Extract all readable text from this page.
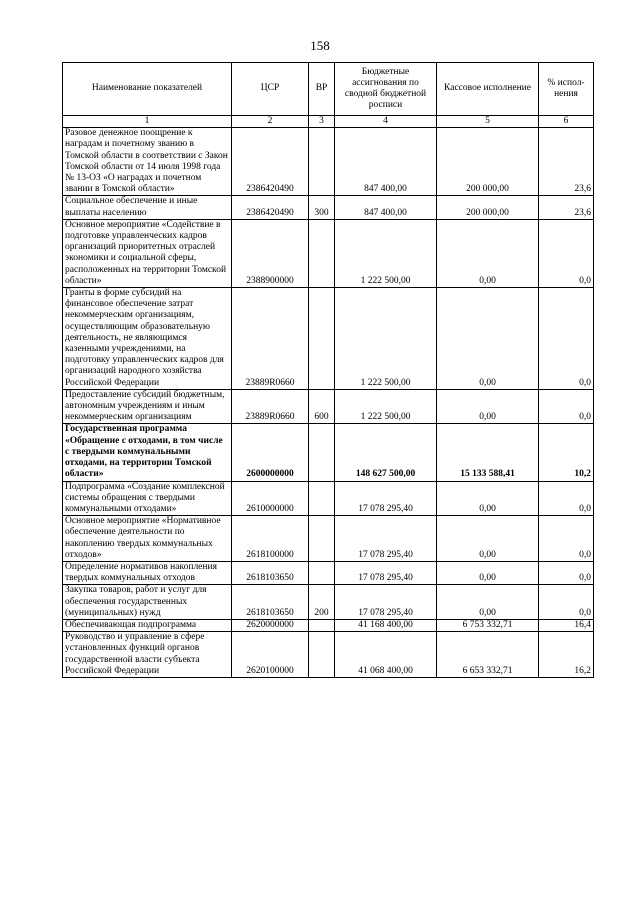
158
Наименование показателей	ЦСР	ВР	Бюджетные ассигнования по сводной бюджетной росписи	Кассовое исполнение	% испол-нения
1	2	3	4	5	6
Разовое денежное поощрение к наградам и почетному званию в Томской области в соответствии с Закон Томской области от 14 июля 1998 года № 13-ОЗ «О наградах и почетном звании в Томской области»	2386420490		847 400,00	200 000,00	23,6
Социальное обеспечение и иные выплаты населению	2386420490	300	847 400,00	200 000,00	23,6
Основное мероприятие «Содействие в подготовке управленческих кадров организаций приоритетных отраслей экономики и социальной сферы, расположенных на территории Томской области»	2388900000		1 222 500,00	0,00	0,0
Гранты в форме субсидий на финансовое обеспечение затрат некоммерческим организациям, осуществляющим образовательную деятельность, не являющимся казенными учреждениями, на подготовку управленческих кадров для организаций народного хозяйства Российской Федерации	23889R0660		1 222 500,00	0,00	0,0
Предоставление субсидий бюджетным, автономным учреждениям и иным некоммерческим организациям	23889R0660	600	1 222 500,00	0,00	0,0
Государственная программа «Обращение с отходами, в том числе с твердыми коммунальными отходами, на территории Томской области»	2600000000		148 627 500,00	15 133 588,41	10,2
Подпрограмма «Создание комплексной системы обращения с твердыми коммунальными отходами»	2610000000		17 078 295,40	0,00	0,0
Основное мероприятие «Нормативное обеспечение деятельности по накоплению твердых коммунальных отходов»	2618100000		17 078 295,40	0,00	0,0
Определение нормативов накопления твердых коммунальных отходов	2618103650		17 078 295,40	0,00	0,0
Закупка товаров, работ и услуг для обеспечения государственных (муниципальных) нужд	2618103650	200	17 078 295,40	0,00	0,0
Обеспечивающая подпрограмма	2620000000		41 168 400,00	6 753 332,71	16,4
Руководство и управление в сфере установленных функций органов государственной власти субъекта Российской Федерации	2620100000		41 068 400,00	6 653 332,71	16,2
